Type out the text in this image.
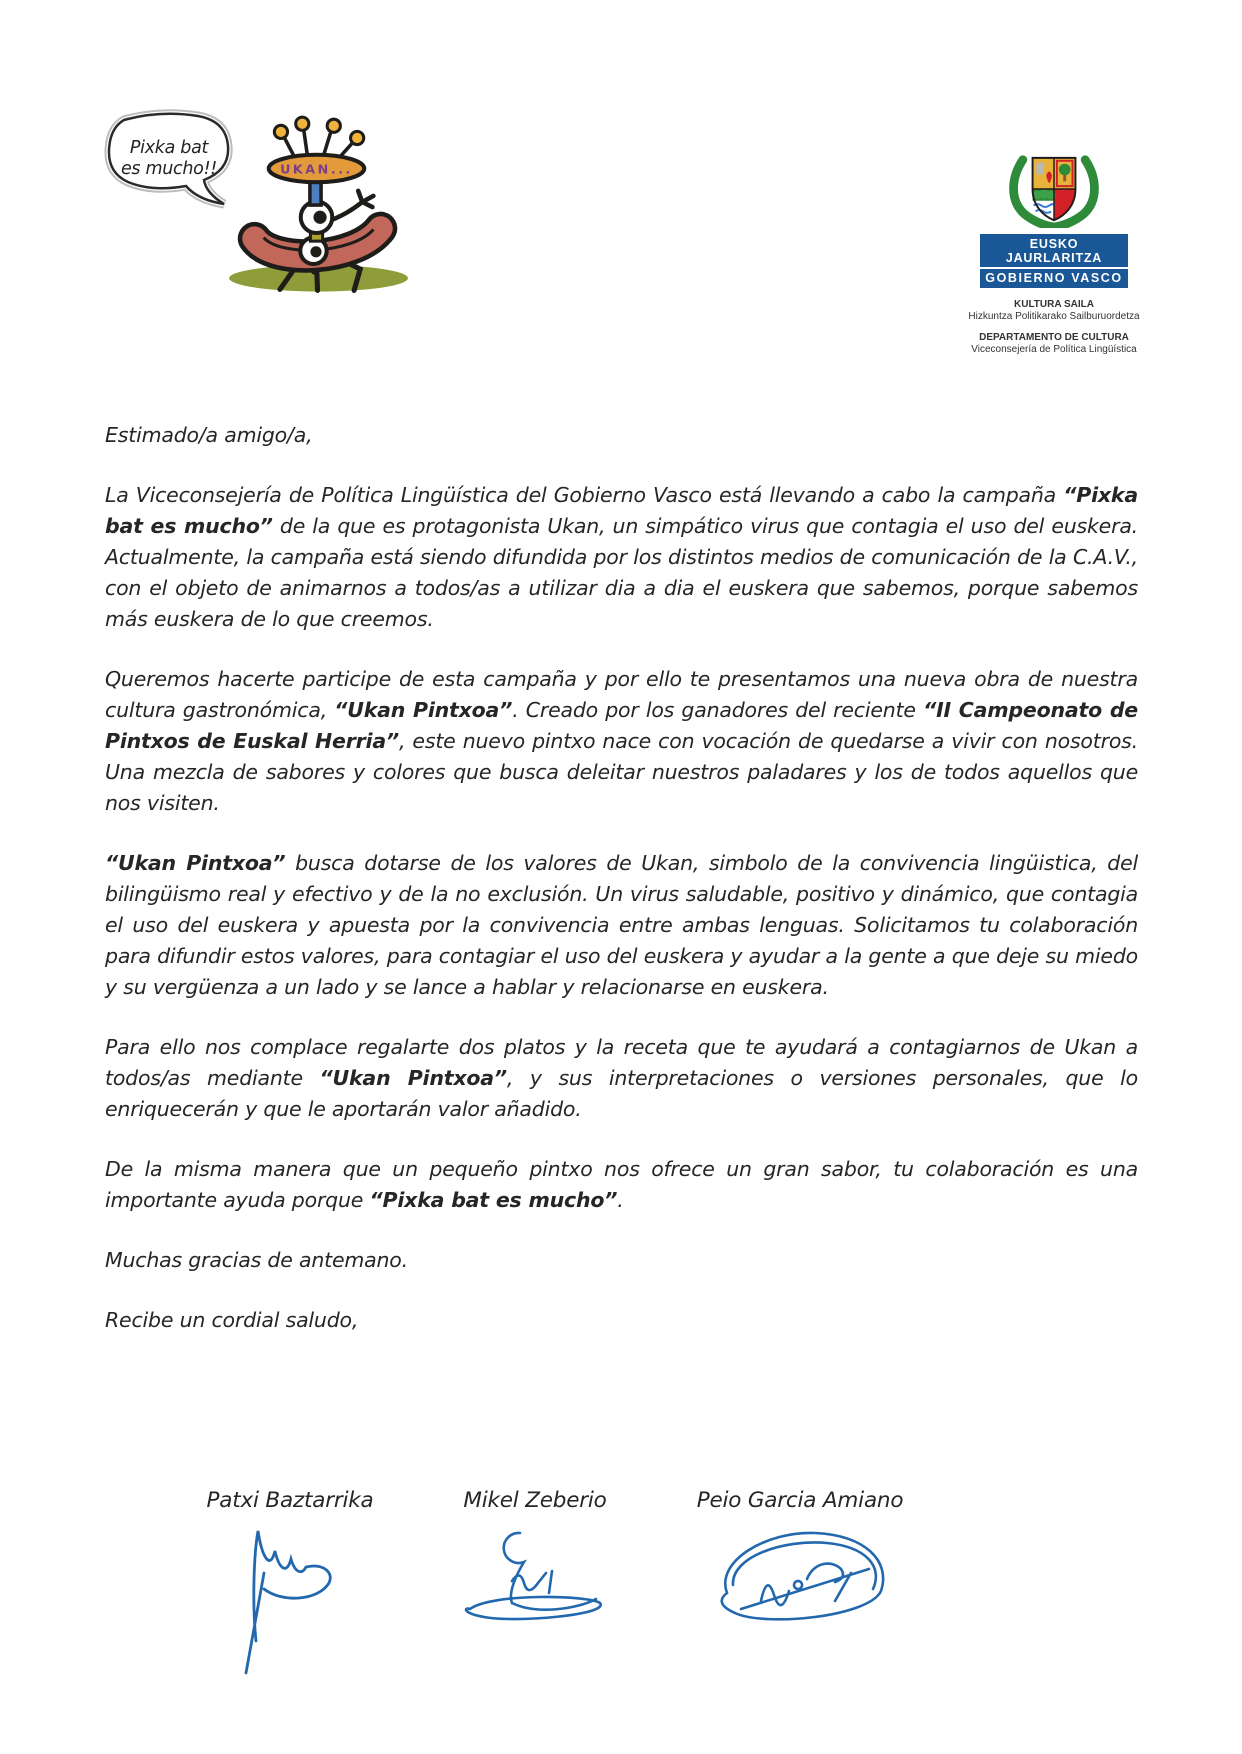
Pixka bat
es mucho!!	UKAN...
EUSKO JAURLARITZA
GOBIERNO VASCO
KULTURA SAILA
Hizkuntza Politikarako Sailburuordetza
DEPARTAMENTO DE CULTURA
Viceconsejería de Política Lingüística

Estimado/a amigo/a,

La Viceconsejería de Política Lingüística del Gobierno Vasco está llevando a cabo la campaña “Pixka bat es mucho” de la que es protagonista Ukan, un simpático virus que contagia el uso del euskera. Actualmente, la campaña está siendo difundida por los distintos medios de comunicación de la C.A.V., con el objeto de animarnos a todos/as a utilizar dia a dia el euskera que sabemos, porque sabemos más euskera de lo que creemos.

Queremos hacerte participe de esta campaña y por ello te presentamos una nueva obra de nuestra cultura gastronómica, “Ukan Pintxoa”. Creado por los ganadores del reciente “II Campeonato de Pintxos de Euskal Herria”, este nuevo pintxo nace con vocación de quedarse a vivir con nosotros. Una mezcla de sabores y colores que busca deleitar nuestros paladares y los de todos aquellos que nos visiten.

“Ukan Pintxoa” busca dotarse de los valores de Ukan, simbolo de la convivencia lingüistica, del bilingüismo real y efectivo y de la no exclusión. Un virus saludable, positivo y dinámico, que contagia el uso del euskera y apuesta por la convivencia entre ambas lenguas. Solicitamos tu colaboración para difundir estos valores, para contagiar el uso del euskera y ayudar a la gente a que deje su miedo y su vergüenza a un lado y se lance a hablar y relacionarse en euskera.

Para ello nos complace regalarte dos platos y la receta que te ayudará a contagiarnos de Ukan a todos/as mediante “Ukan Pintxoa”, y sus interpretaciones o versiones personales, que lo enriquecerán y que le aportarán valor añadido.

De la misma manera que un pequeño pintxo nos ofrece un gran sabor, tu colaboración es una importante ayuda porque “Pixka bat es mucho”.

Muchas gracias de antemano.

Recibe un cordial saludo,

Patxi Baztarrika	Mikel Zeberio	Peio Garcia Amiano
